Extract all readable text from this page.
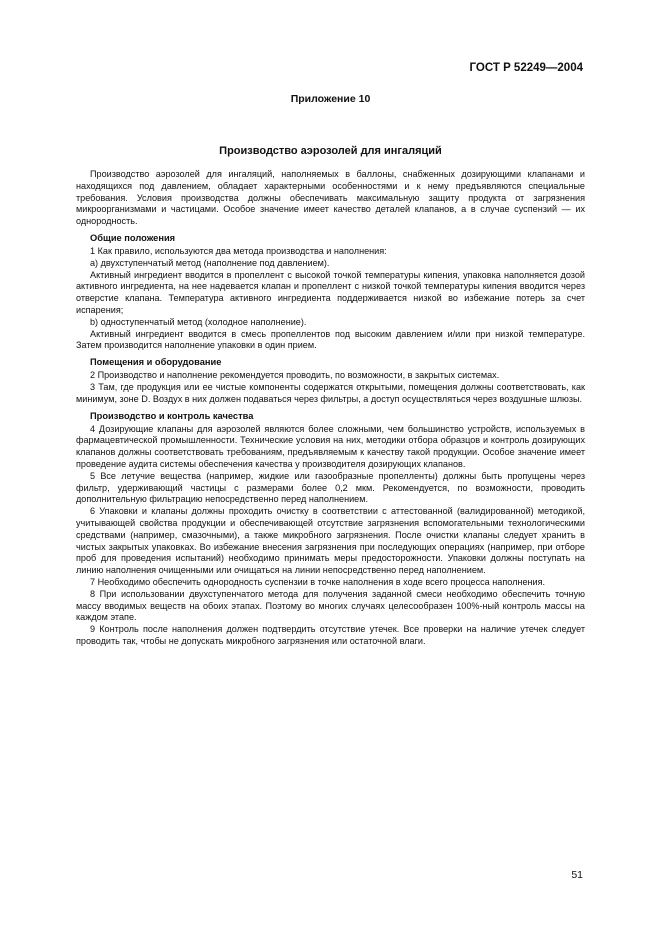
ГОСТ Р 52249—2004
Приложение 10
Производство аэрозолей для ингаляций

Производство аэрозолей для ингаляций, наполняемых в баллоны, снабженных дозирующими клапанами и находящихся под давлением, обладает характерными особенностями и к нему предъявляются специальные требования. Условия производства должны обеспечивать максимальную защиту продукта от загрязнения микроорганизмами и частицами. Особое значение имеет качество деталей клапанов, а в случае суспензий — их однородность.

Общие положения

1 Как правило, используются два метода производства и наполнения:

а) двухступенчатый метод (наполнение под давлением).

Активный ингредиент вводится в пропеллент с высокой точкой температуры кипения, упаковка наполняется дозой активного ингредиента, на нее надевается клапан и пропеллент с низкой точкой температуры кипения вводится через отверстие клапана. Температура активного ингредиента поддерживается низкой во избежание потерь за счет испарения;

b) одноступенчатый метод (холодное наполнение).

Активный ингредиент вводится в смесь пропеллентов под высоким давлением и/или при низкой температуре. Затем производится наполнение упаковки в один прием.

Помещения и оборудование

2 Производство и наполнение рекомендуется проводить, по возможности, в закрытых системах.

3 Там, где продукция или ее чистые компоненты содержатся открытыми, помещения должны соответствовать, как минимум, зоне D. Воздух в них должен подаваться через фильтры, а доступ осуществляться через воздушные шлюзы.

Производство и контроль качества

4 Дозирующие клапаны для аэрозолей являются более сложными, чем большинство устройств, используемых в фармацевтической промышленности. Технические условия на них, методики отбора образцов и контроль дозирующих клапанов должны соответствовать требованиям, предъявляемым к качеству такой продукции. Особое значение имеет проведение аудита системы обеспечения качества у производителя дозирующих клапанов.

5 Все летучие вещества (например, жидкие или газообразные пропелленты) должны быть пропущены через фильтр, удерживающий частицы с размерами более 0,2 мкм. Рекомендуется, по возможности, проводить дополнительную фильтрацию непосредственно перед наполнением.

6 Упаковки и клапаны должны проходить очистку в соответствии с аттестованной (валидированной) методикой, учитывающей свойства продукции и обеспечивающей отсутствие загрязнения вспомогательными технологическими средствами (например, смазочными), а также микробного загрязнения. После очистки клапаны следует хранить в чистых закрытых упаковках. Во избежание внесения загрязнения при последующих операциях (например, при отборе проб для проведения испытаний) необходимо принимать меры предосторожности. Упаковки должны поступать на линию наполнения очищенными или очищаться на линии непосредственно перед наполнением.

7 Необходимо обеспечить однородность суспензии в точке наполнения в ходе всего процесса наполнения.

8 При использовании двухступенчатого метода для получения заданной смеси необходимо обеспечить точную массу вводимых веществ на обоих этапах. Поэтому во многих случаях целесообразен 100%-ный контроль массы на каждом этапе.

9 Контроль после наполнения должен подтвердить отсутствие утечек. Все проверки на наличие утечек следует проводить так, чтобы не допускать микробного загрязнения или остаточной влаги.

51
